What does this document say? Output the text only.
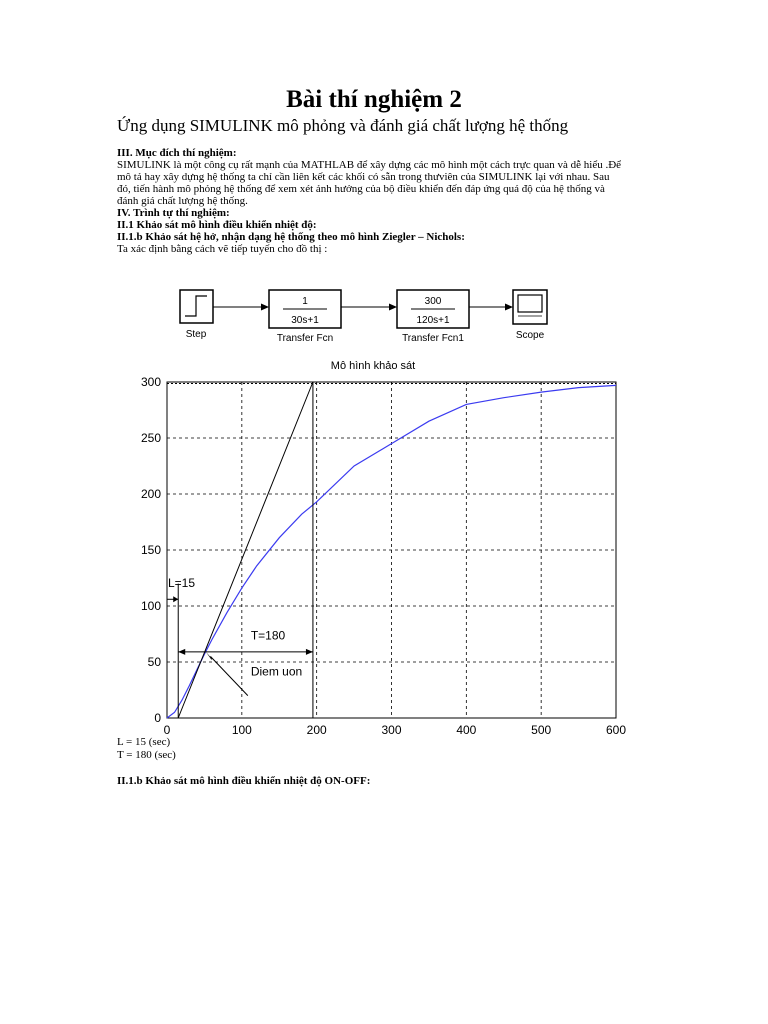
Bài thí nghiệm 2
Ứng dụng SIMULINK mô phỏng và đánh giá chất lượng hệ thống
III. Mục đích thí nghiệm:
SIMULINK là một công cụ rất mạnh của MATHLAB để xây dựng các mô hình một cách trực quan và dễ hiểu .Để
mô tả hay xây dựng hệ thống ta chỉ cần liên kết các khối có sẵn trong thưviên của SIMULINK lại với nhau. Sau
đó, tiến hành mô phỏng hệ thống để xem xét ảnh hưởng của bộ điều khiển đến đáp ứng quá độ của hệ thống và
đánh giá chất lượng hệ thống.
IV. Trình tự thí nghiệm:
II.1 Khảo sát mô hình điều khiển nhiệt độ:
II.1.b Khảo sát hệ hở, nhận dạng hệ thống theo mô hình Ziegler – Nichols:
Ta xác định bằng cách vẽ tiếp tuyến cho đồ thị :
Step
1
30s+1
Transfer Fcn
300
120s+1
Transfer Fcn1	Scope
Mô hình khảo sát
0	100	200	300	400	500	600
0
50
100
150
200
250
300
L=15
T=180
Diem uon
L = 15 (sec)
T = 180 (sec)
II.1.b Khảo sát mô hình điều khiển nhiệt độ ON-OFF:
